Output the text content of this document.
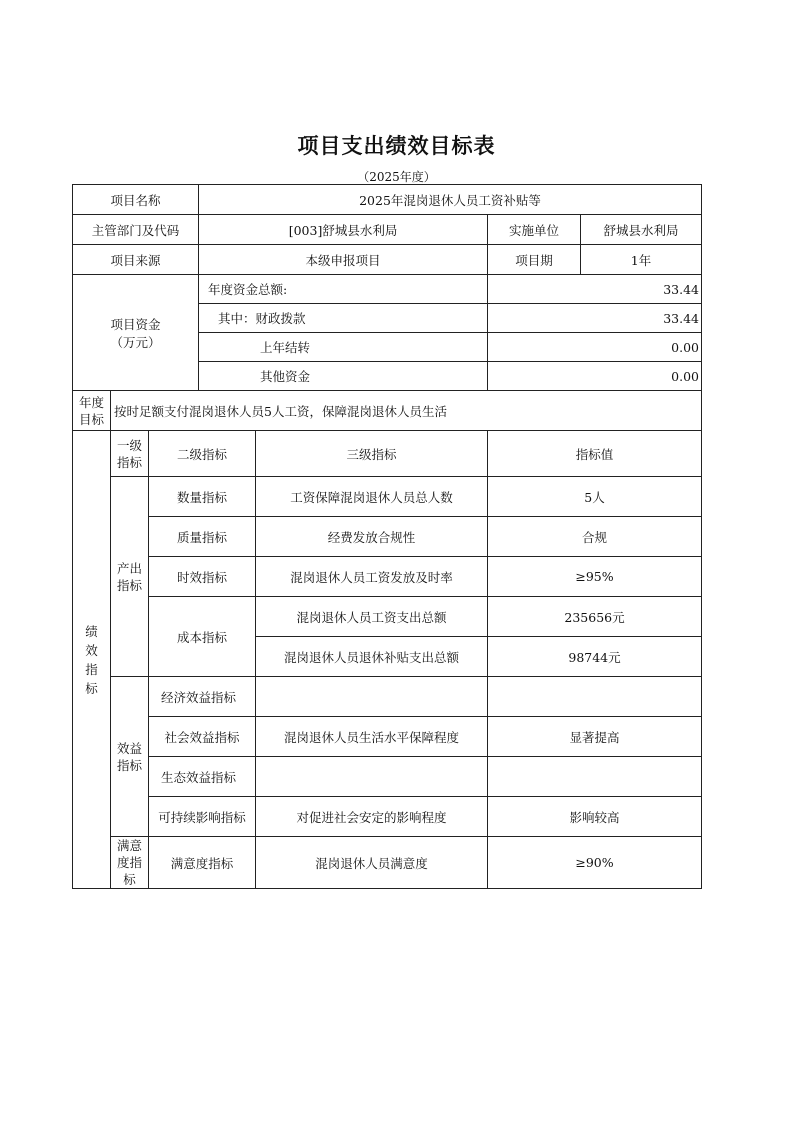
项目支出绩效目标表
（2025年度）
项目名称			2025年混岗退休人员工资补贴等			
主管部门及代码			[003]舒城县水利局		实施单位	舒城县水利局
项目来源			本级申报项目		项目期	1年

项目资金
（万元）			年度资金总额:		33.44	
			其中：财政拨款		33.44	
			上年结转		0.00	
			其他资金		0.00	
年度目标	按时足额支付混岗退休人员5人工资，保障混岗退休人员生活					
绩效指标	一级指标	二级指标		三级指标	指标值	
	产出指标	数量指标		工资保障混岗退休人员总人数	5人	
		质量指标		经费发放合规性	合规	
		时效指标		混岗退休人员工资发放及时率	≥95%	
		成本指标		混岗退休人员工资支出总额	235656元	
				混岗退休人员退休补贴支出总额	98744元	
	效益指标	经济效益指标				
		社会效益指标		混岗退休人员生活水平保障程度	显著提高	
		生态效益指标				
		可持续影响指标		对促进社会安定的影响程度	影响较高	
	满意度指标	满意度指标		混岗退休人员满意度	≥90%	
